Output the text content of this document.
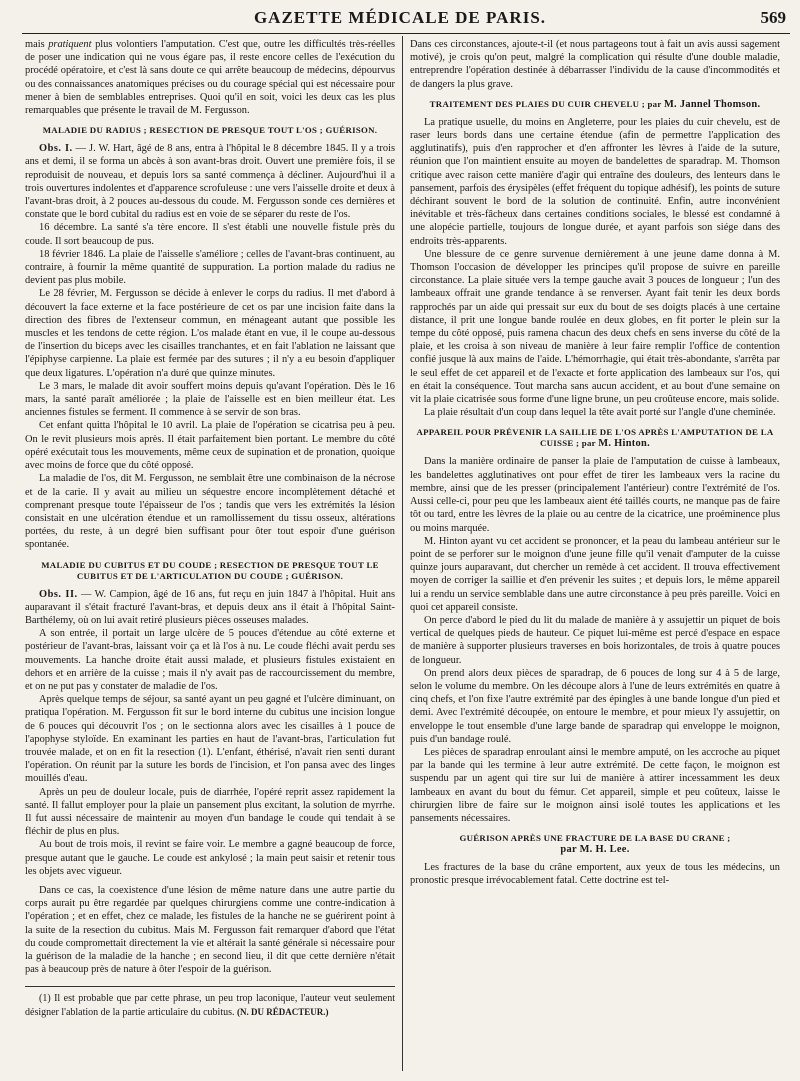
GAZETTE MÉDICALE DE PARIS.	569

mais pratiquent plus volontiers l'amputation. C'est que, outre les difficultés très-réelles de poser une indication qui ne vous égare pas, il reste encore celles de l'exécution du procédé opératoire, et c'est là sans doute ce qui arrête beaucoup de médecins, dépourvus ou des connaissances anatomiques précises ou du courage spécial qui est nécessaire pour mener à bien de semblables entreprises. Quoi qu'il en soit, voici les deux cas les plus remarquables que présente le travail de M. Fergusson.

MALADIE DU RADIUS ; RESECTION DE PRESQUE TOUT L'OS ; GUÉRISON.

Obs. I. — J. W. Hart, âgé de 8 ans, entra à l'hôpital le 8 décembre 1845. Il y a trois ans et demi, il se forma un abcès à son avant-bras droit. Ouvert une première fois, il se reproduisit de nouveau, et depuis lors sa santé commença à décliner. Aujourd'hui il a trois ouvertures indolentes et d'apparence scrofuleuse : une vers l'aisselle droite et deux à l'avant-bras droit, à 2 pouces au-dessous du coude. M. Fergusson sonde ces dernières et constate que le bord cubital du radius est en voie de se séparer du reste de l'os.

16 décembre. La santé s'a tère encore. Il s'est établi une nouvelle fistule près du coude. Il sort beaucoup de pus.

18 février 1846. La plaie de l'aisselle s'améliore ; celles de l'avant-bras continuent, au contraire, à fournir la même quantité de suppuration. La portion malade du radius ne devient pas plus mobile.

Le 28 février, M. Fergusson se décide à enlever le corps du radius. Il met d'abord à découvert la face externe et la face postérieure de cet os par une incision faite dans la direction des fibres de l'extenseur commun, en ménageant autant que possible les muscles et les tendons de cette région. L'os malade étant en vue, il le coupe au-dessous de l'insertion du biceps avec les cisailles tranchantes, et en fait l'ablation ne laissant que l'épiphyse carpienne. La plaie est fermée par des sutures ; il n'y a eu besoin d'appliquer que deux ligatures. L'opération n'a duré que quinze minutes.

Le 3 mars, le malade dit avoir souffert moins depuis qu'avant l'opération. Dès le 16 mars, la santé paraît améliorée ; la plaie de l'aisselle est en bien meilleur état. Les anciennes fistules se ferment. Il commence à se servir de son bras.

Cet enfant quitta l'hôpital le 10 avril. La plaie de l'opération se cicatrisa peu à peu. On le revit plusieurs mois après. Il était parfaitement bien portant. Le membre du côté opéré exécutait tous les mouvements, même ceux de supination et de pronation, quoique avec moins de force que du côté opposé.

La maladie de l'os, dit M. Fergusson, ne semblait être une combinaison de la nécrose et de la carie. Il y avait au milieu un séquestre encore incomplètement détaché et comprenant presque toute l'épaisseur de l'os ; tandis que vers les extrémités la lésion consistait en une ulcération étendue et un ramollissement du tissu osseux, altérations portées, du reste, à un degré bien suffisant pour ôter tout espoir d'une guérison spontanée.

MALADIE DU CUBITUS ET DU COUDE ; RESECTION DE PRESQUE TOUT LE CUBITUS ET DE L'ARTICULATION DU COUDE ; GUÉRISON.

Obs. II. — W. Campion, âgé de 16 ans, fut reçu en juin 1847 à l'hôpital. Huit ans auparavant il s'était fracturé l'avant-bras, et depuis deux ans il était à l'hôpital Saint-Barthélemy, où on lui avait retiré plusieurs pièces osseuses malades.

A son entrée, il portait un large ulcère de 5 pouces d'étendue au côté externe et postérieur de l'avant-bras, laissant voir ça et là l'os à nu. Le coude fléchi avait perdu ses mouvements. La hanche droite était aussi malade, et plusieurs fistules existaient en dehors et en arrière de la cuisse ; mais il n'y avait pas de raccourcissement du membre, et on ne put pas y constater de maladie de l'os.

Après quelque temps de séjour, sa santé ayant un peu gagné et l'ulcère diminuant, on pratiqua l'opération. M. Fergusson fit sur le bord interne du cubitus une incision longue de 6 pouces qui découvrit l'os ; on le sectionna alors avec les cisailles à 1 pouce de l'apophyse styloïde. En examinant les parties en haut de l'avant-bras, l'articulation fut trouvée malade, et on en fit la resection (1). L'enfant, éthérisé, n'avait rien senti durant l'opération. On réunit par la suture les bords de l'incision, et l'on pansa avec des linges mouillés d'eau.

Après un peu de douleur locale, puis de diarrhée, l'opéré reprit assez rapidement la santé. Il fallut employer pour la plaie un pansement plus excitant, la solution de myrrhe. Il fut aussi nécessaire de maintenir au moyen d'un bandage le coude qui tendait à se fléchir de plus en plus.

Au bout de trois mois, il revint se faire voir. Le membre a gagné beaucoup de force, presque autant que le gauche. Le coude est ankylosé ; la main peut saisir et retenir tous les objets avec vigueur.

Dans ce cas, la coexistence d'une lésion de même nature dans une autre partie du corps aurait pu être regardée par quelques chirurgiens comme une contre-indication à l'opération ; et en effet, chez ce malade, les fistules de la hanche ne se guérirent point à la suite de la resection du cubitus. Mais M. Fergusson fait remarquer d'abord que l'état du coude compromettait directement la vie et altérait la santé générale si nécessaire pour la guérison de la maladie de la hanche ; en second lieu, il dit que cette dernière n'était pas à beaucoup près de nature à ôter l'espoir de la guérison.

(1) Il est probable que par cette phrase, un peu trop laconique, l'auteur veut seulement désigner l'ablation de la partie articulaire du cubitus. (N. DU RÉDACTEUR.)

Dans ces circonstances, ajoute-t-il (et nous partageons tout à fait un avis aussi sagement motivé), je crois qu'on peut, malgré la complication qui résulte d'une double maladie, entreprendre l'opération destinée à débarrasser l'individu de la cause d'incommodités et de dangers la plus grave.

TRAITEMENT DES PLAIES DU CUIR CHEVELU ; par M. Jannel Thomson.

La pratique usuelle, du moins en Angleterre, pour les plaies du cuir chevelu, est de raser leurs bords dans une certaine étendue (afin de permettre l'application des agglutinatifs), puis d'en rapprocher et d'en affronter les lèvres à l'aide de la suture, réunion que l'on maintient ensuite au moyen de bandelettes de sparadrap. M. Thomson critique avec raison cette manière d'agir qui entraîne des douleurs, des lenteurs dans le pansement, parfois des érysipèles (effet fréquent du topique adhésif), les points de suture déchirant souvent le bord de la solution de continuité. Enfin, autre inconvénient inévitable et très-fâcheux dans certaines conditions sociales, le blessé est condamné à une alopécie partielle, toujours de longue durée, et ayant parfois son siége dans des endroits très-apparents.

Une blessure de ce genre survenue dernièrement à une jeune dame donna à M. Thomson l'occasion de développer les principes qu'il propose de suivre en pareille circonstance. La plaie située vers la tempe gauche avait 3 pouces de longueur ; l'un des lambeaux offrait une grande tendance à se renverser. Ayant fait tenir les deux bords rapprochés par un aide qui pressait sur eux du bout de ses doigts placés à une certaine distance, il prit une longue bande roulée en deux globes, en fit porter le plein sur la tempe du côté opposé, puis ramena chacun des deux chefs en sens inverse du côté de la plaie, et les croisa à son niveau de manière à leur faire remplir l'office de contention confié jusque là aux mains de l'aide. L'hémorrhagie, qui était très-abondante, s'arrêta par le seul effet de cet appareil et de l'exacte et forte application des lambeaux sur l'os, qui en était la conséquence. Tout marcha sans aucun accident, et au bout d'une semaine on vit la plaie cicatrisée sous forme d'une ligne brune, un peu croûteuse encore, mais solide.

La plaie résultait d'un coup dans lequel la tête avait porté sur l'angle d'une cheminée.

APPAREIL POUR PRÉVENIR LA SAILLIE DE L'OS APRÈS L'AMPUTATION DE LA CUISSE ; par M. Hinton.

Dans la manière ordinaire de panser la plaie de l'amputation de cuisse à lambeaux, les bandelettes agglutinatives ont pour effet de tirer les lambeaux vers la racine du membre, ainsi que de les presser (principalement l'antérieur) contre l'extrémité de l'os. Aussi celle-ci, pour peu que les lambeaux aient été taillés courts, ne manque pas de faire tôt ou tard, entre les lèvres de la plaie ou au centre de la cicatrice, une proéminence plus ou moins marquée.

M. Hinton ayant vu cet accident se prononcer, et la peau du lambeau antérieur sur le point de se perforer sur le moignon d'une jeune fille qu'il venait d'amputer de la cuisse quinze jours auparavant, dut chercher un remède à cet accident. Il trouva effectivement moyen de corriger la saillie et d'en prévenir les suites ; et depuis lors, le même appareil lui a rendu un service semblable dans une autre circonstance à peu près pareille. Voici en quoi cet appareil consiste.

On perce d'abord le pied du lit du malade de manière à y assujettir un piquet de bois vertical de quelques pieds de hauteur. Ce piquet lui-même est percé d'espace en espace de manière à supporter plusieurs traverses en bois horizontales, de trois à quatre pouces de longueur.

On prend alors deux pièces de sparadrap, de 6 pouces de long sur 4 à 5 de large, selon le volume du membre. On les découpe alors à l'une de leurs extrémités en quatre à cinq chefs, et l'on fixe l'autre extrémité par des épingles à une bande longue d'un pied et demi. Avec l'extrémité découpée, on entoure le membre, et pour mieux l'y assujettir, on enveloppe le tout ensemble d'une large bande de sparadrap qui enveloppe le moignon, puis d'un bandage roulé.

Les pièces de sparadrap enroulant ainsi le membre amputé, on les accroche au piquet par la bande qui les termine à leur autre extrémité. De cette façon, le moignon est suspendu par un agent qui tire sur lui de manière à attirer incessamment les deux lambeaux en avant du bout du fémur. Cet appareil, simple et peu coûteux, laisse le chirurgien libre de faire sur le moignon ainsi isolé toutes les applications et les pansements nécessaires.

GUÉRISON APRÈS UNE FRACTURE DE LA BASE DU CRANE ;
par M. H. Lee.

Les fractures de la base du crâne emportent, aux yeux de tous les médecins, un pronostic presque irrévocablement fatal. Cette doctrine est tel-
